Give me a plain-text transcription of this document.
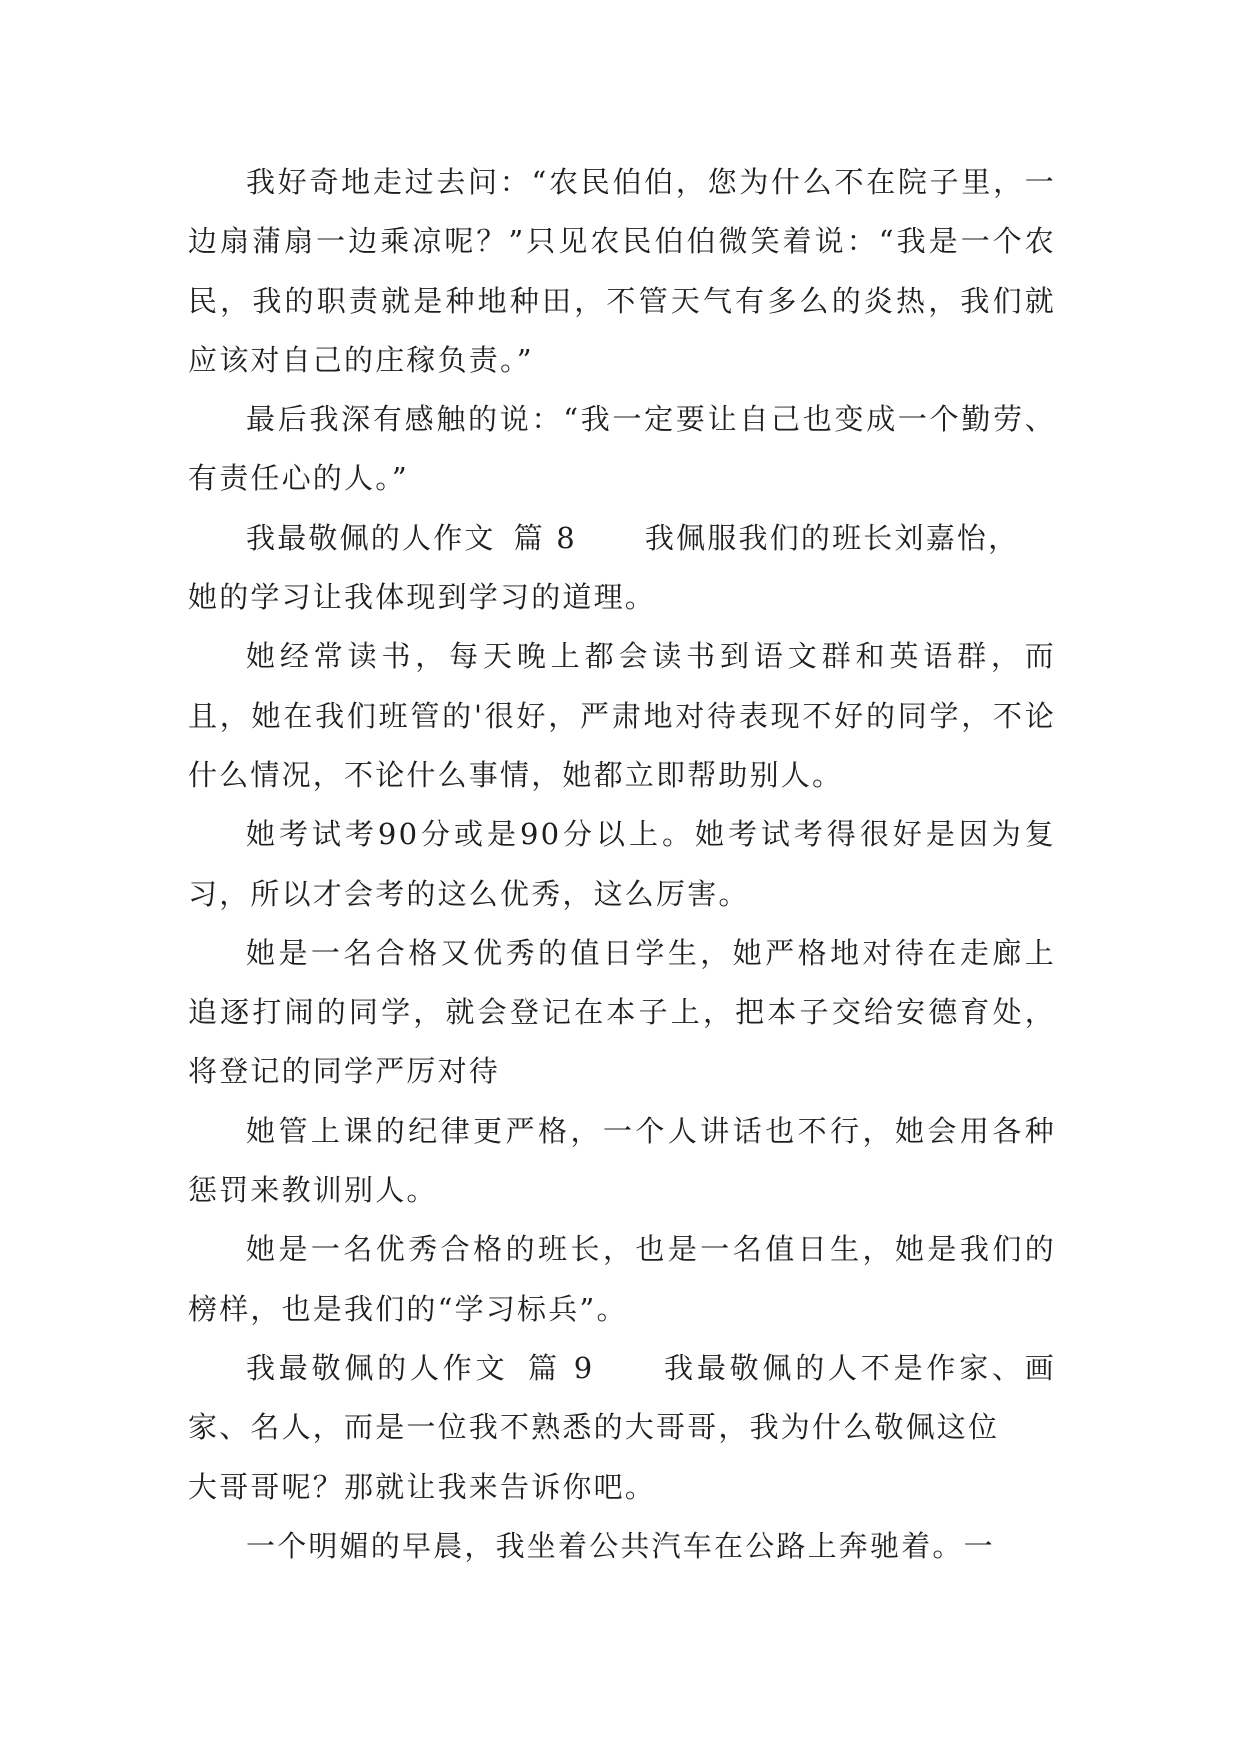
我好奇地走过去问：“农民伯伯，您为什么不在院子里，一边扇蒲扇一边乘凉呢？”只见农民伯伯微笑着说：“我是一个农民，我的职责就是种地种田，不管天气有多么的炎热，我们就应该对自己的庄稼负责。”

最后我深有感触的说：“我一定要让自己也变成一个勤劳、有责任心的人。”

我最敬佩的人作文 篇 8 我佩服我们的班长刘嘉怡，

她的学习让我体现到学习的道理。

她经常读书，每天晚上都会读书到语文群和英语群，而且，她在我们班管的'很好，严肃地对待表现不好的同学，不论什么情况，不论什么事情，她都立即帮助别人。

她考试考90分或是90分以上。她考试考得很好是因为复习，所以才会考的这么优秀，这么厉害。

她是一名合格又优秀的值日学生，她严格地对待在走廊上追逐打闹的同学，就会登记在本子上，把本子交给安德育处，将登记的同学严厉对待

她管上课的纪律更严格，一个人讲话也不行，她会用各种惩罚来教训别人。

她是一名优秀合格的班长，也是一名值日生，她是我们的榜样，也是我们的“学习标兵”。

我最敬佩的人作文 篇 9 我最敬佩的人不是作家、画家、名人，而是一位我不熟悉的大哥哥，我为什么敬佩这位

大哥哥呢？那就让我来告诉你吧。

一个明媚的早晨，我坐着公共汽车在公路上奔驰着。一
